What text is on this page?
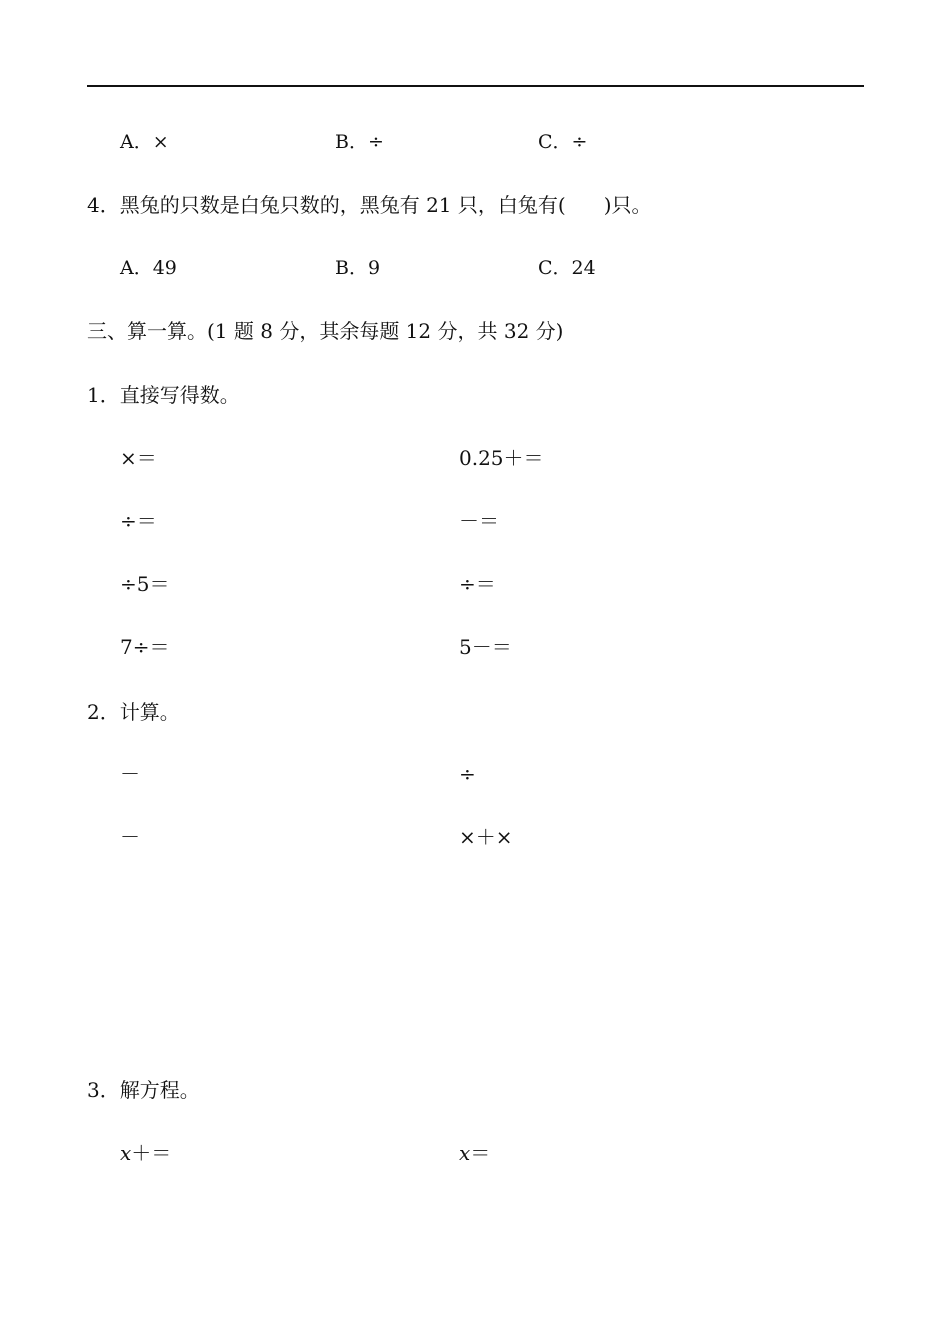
A．×	B．÷	C．÷
4．黑兔的只数是白兔只数的，黑兔有 21 只，白兔有( )只。
A．49	B．9	C．24
三、算一算。(1 题 8 分，其余每题 12 分，共 32 分)
1．直接写得数。
×＝	0.25＋＝
÷＝	－＝
÷5＝	÷＝
7÷＝	5－＝
2．计算。
－	÷
－	×＋×
3．解方程。
x＋＝	x＝
